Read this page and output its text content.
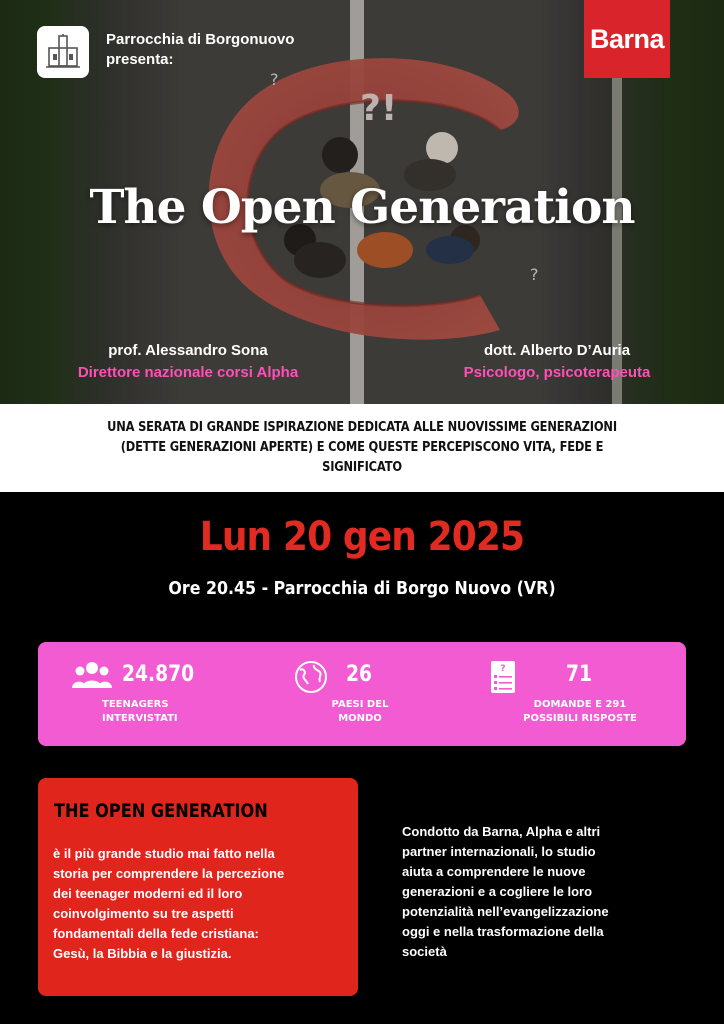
?!
?
?
Parrocchia di Borgonuovo
presenta:
Barna
The Open Generation
prof. Alessandro Sona
Direttore nazionale corsi Alpha
dott. Alberto D’Auria
Psicologo, psicoterapeuta

UNA SERATA DI GRANDE ISPIRAZIONE DEDICATA ALLE NUOVISSIME GENERAZIONI
(DETTE GENERAZIONI APERTE) E COME QUESTE PERCEPISCONO VITA, FEDE E SIGNIFICATO

Lun 20 gen 2025
Ore 20.45 - Parrocchia di Borgo Nuovo (VR)
24.870
TEENAGERS
INTERVISTATI
26
PAESI DEL
MONDO
?	71
DOMANDE E 291
POSSIBILI RISPOSTE
THE OPEN GENERATION
è il più grande studio mai fatto nella
storia per comprendere la percezione
dei teenager moderni ed il loro
coinvolgimento su tre aspetti
fondamentali della fede cristiana:
Gesù, la Bibbia e la giustizia.
Condotto da Barna, Alpha e altri
partner internazionali, lo studio
aiuta a comprendere le nuove
generazioni e a cogliere le loro
potenzialità nell’evangelizzazione
oggi e nella trasformazione della
società
